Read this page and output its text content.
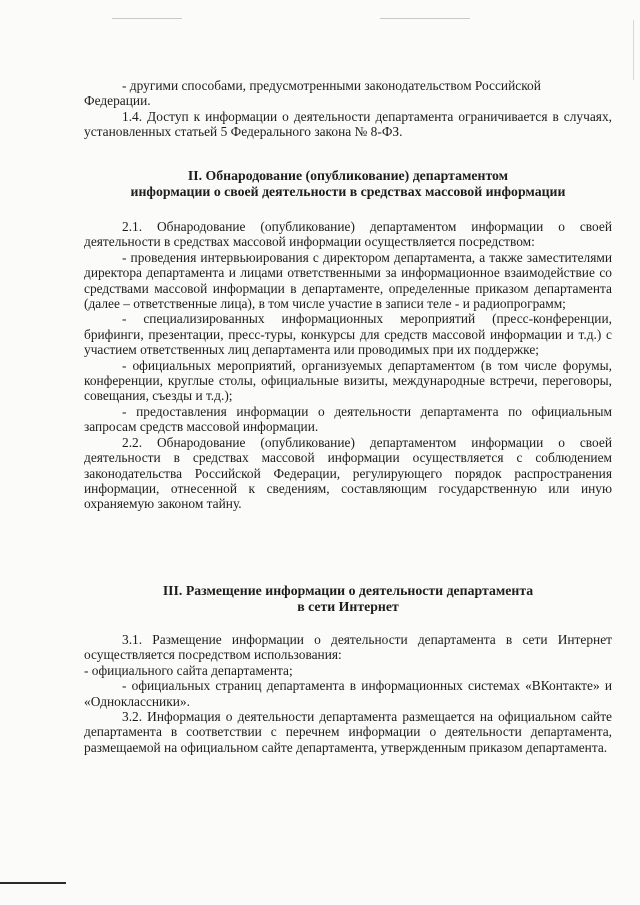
- другими способами, предусмотренными законодательством Российской

Федерации.

1.4. Доступ к информации о деятельности департамента ограничивается в случаях, установленных статьей 5 Федерального закона № 8-ФЗ.

II. Обнародование (опубликование) департаментом
информации о своей деятельности в средствах массовой информации

2.1. Обнародование (опубликование) департаментом информации о своей деятельности в средствах массовой информации осуществляется посредством:

- проведения интервьюирования с директором департамента, а также заместителями директора департамента и лицами ответственными за информационное взаимодействие со средствами массовой информации в департаменте, определенные приказом департамента (далее – ответственные лица), в том числе участие в записи теле - и радиопрограмм;

- специализированных информационных мероприятий (пресс-конференции, брифинги, презентации, пресс-туры, конкурсы для средств массовой информации и т.д.) с участием ответственных лиц департамента или проводимых при их поддержке;

- официальных мероприятий, организуемых департаментом (в том числе форумы, конференции, круглые столы, официальные визиты, международные встречи, переговоры, совещания, съезды и т.д.);

- предоставления информации о деятельности департамента по официальным запросам средств массовой информации.

2.2. Обнародование (опубликование) департаментом информации о своей деятельности в средствах массовой информации осуществляется с соблюдением законодательства Российской Федерации, регулирующего порядок распространения информации, отнесенной к сведениям, составляющим государственную или иную охраняемую законом тайну.

III. Размещение информации о деятельности департамента
в сети Интернет

3.1. Размещение информации о деятельности департамента в сети Интернет осуществляется посредством использования:

- официального сайта департамента;

- официальных страниц департамента в информационных системах «ВКонтакте» и «Одноклассники».

3.2. Информация о деятельности департамента размещается на официальном сайте департамента в соответствии с перечнем информации о деятельности департамента, размещаемой на официальном сайте департамента, утвержденным приказом департамента.
